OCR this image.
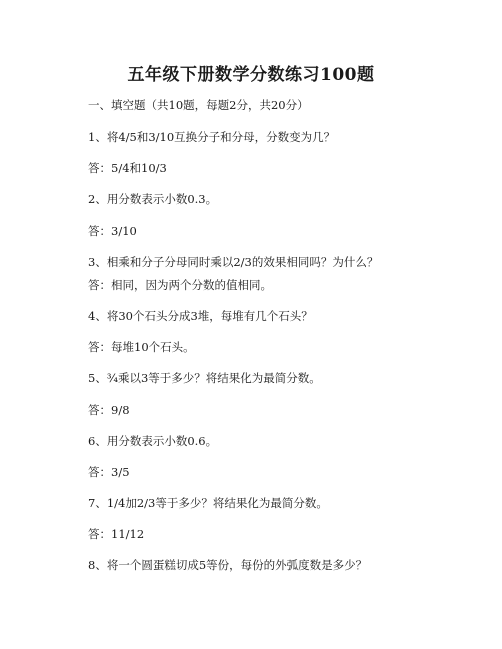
五年级下册数学分数练习100题
一、填空题（共10题，每题2分，共20分）
1、将4/5和3/10互换分子和分母，分数变为几？
答：5/4和10/3
2、用分数表示小数0.3。
答：3/10
3、相乘和分子分母同时乘以2/3的效果相同吗？为什么？
答：相同，因为两个分数的值相同。
4、将30个石头分成3堆，每堆有几个石头？
答：每堆10个石头。
5、¾乘以3等于多少？将结果化为最简分数。
答：9/8
6、用分数表示小数0.6。
答：3/5
7、1/4加2/3等于多少？将结果化为最简分数。
答：11/12
8、将一个圆蛋糕切成5等份，每份的外弧度数是多少？
